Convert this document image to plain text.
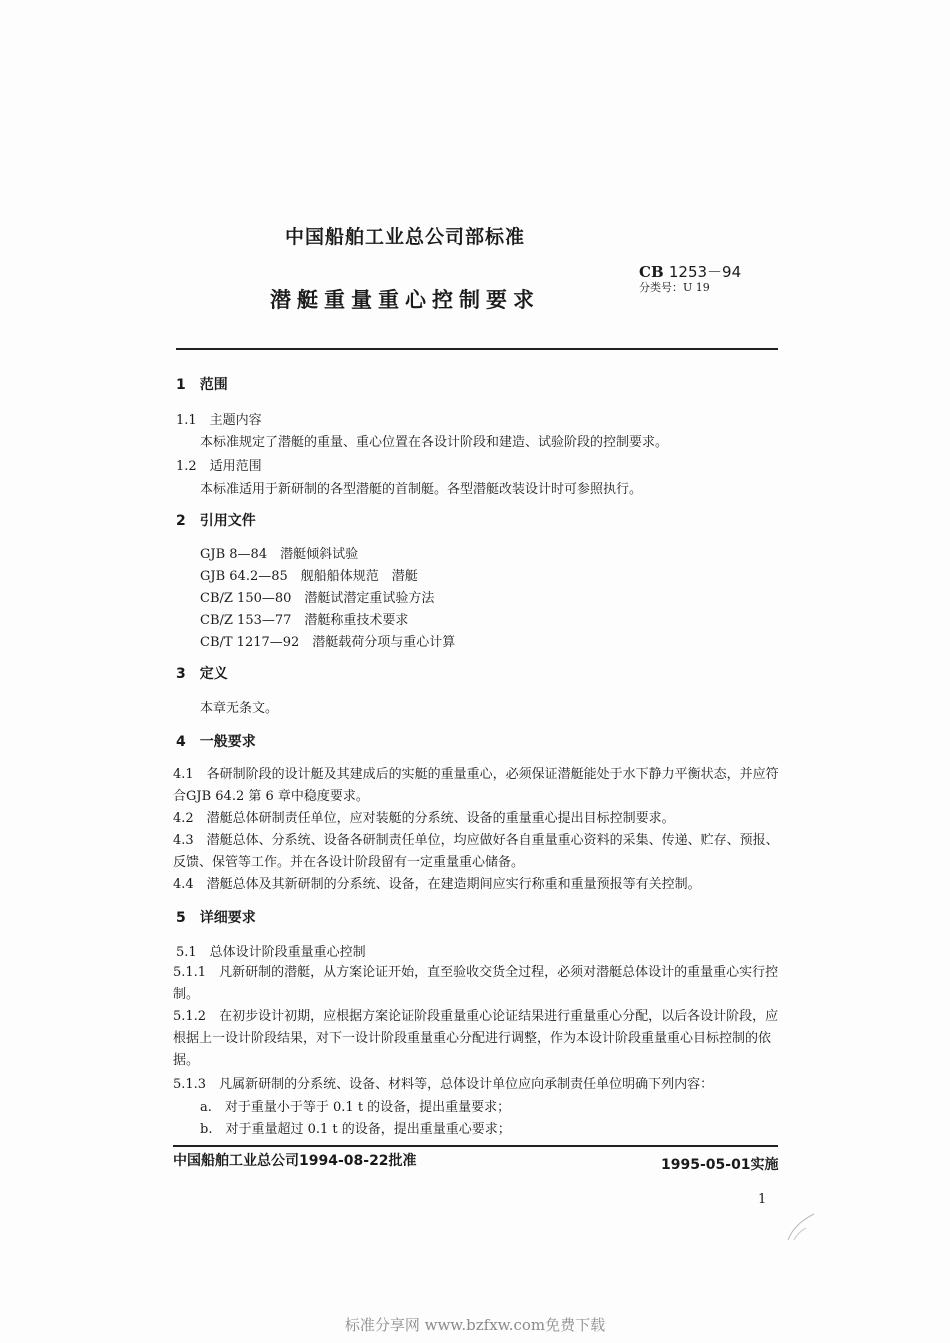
中国船舶工业总公司部标准
潜艇重量重心控制要求
CB 1253－94
分类号：U 19
1　范围
1.1　主题内容
本标准规定了潜艇的重量、重心位置在各设计阶段和建造、试验阶段的控制要求。
1.2　适用范围
本标准适用于新研制的各型潜艇的首制艇。各型潜艇改装设计时可参照执行。
2　引用文件
GJB 8—84　潜艇倾斜试验
GJB 64.2—85　舰船船体规范　潜艇
CB/Z 150—80　潜艇试潜定重试验方法
CB/Z 153—77　潜艇称重技术要求
CB/T 1217—92　潜艇载荷分项与重心计算
3　定义
本章无条文。
4　一般要求
4.1　各研制阶段的设计艇及其建成后的实艇的重量重心，必须保证潜艇能处于水下静力平衡状态，并应符合GJB 64.2 第 6 章中稳度要求。
4.2　潜艇总体研制责任单位，应对装艇的分系统、设备的重量重心提出目标控制要求。
4.3　潜艇总体、分系统、设备各研制责任单位，均应做好各自重量重心资料的采集、传递、贮存、预报、反馈、保管等工作。并在各设计阶段留有一定重量重心储备。
4.4　潜艇总体及其新研制的分系统、设备，在建造期间应实行称重和重量预报等有关控制。
5　详细要求
5.1　总体设计阶段重量重心控制
5.1.1　凡新研制的潜艇，从方案论证开始，直至验收交货全过程，必须对潜艇总体设计的重量重心实行控制。
5.1.2　在初步设计初期，应根据方案论证阶段重量重心论证结果进行重量重心分配，以后各设计阶段，应根据上一设计阶段结果，对下一设计阶段重量重心分配进行调整，作为本设计阶段重量重心目标控制的依据。
5.1.3　凡属新研制的分系统、设备、材料等，总体设计单位应向承制责任单位明确下列内容：
a.　对于重量小于等于 0.1 t 的设备，提出重量要求；
b.　对于重量超过 0.1 t 的设备，提出重量重心要求；
中国船舶工业总公司1994-08-22批准	1995-05-01实施
1
标准分享网 www.bzfxw.com免费下载
